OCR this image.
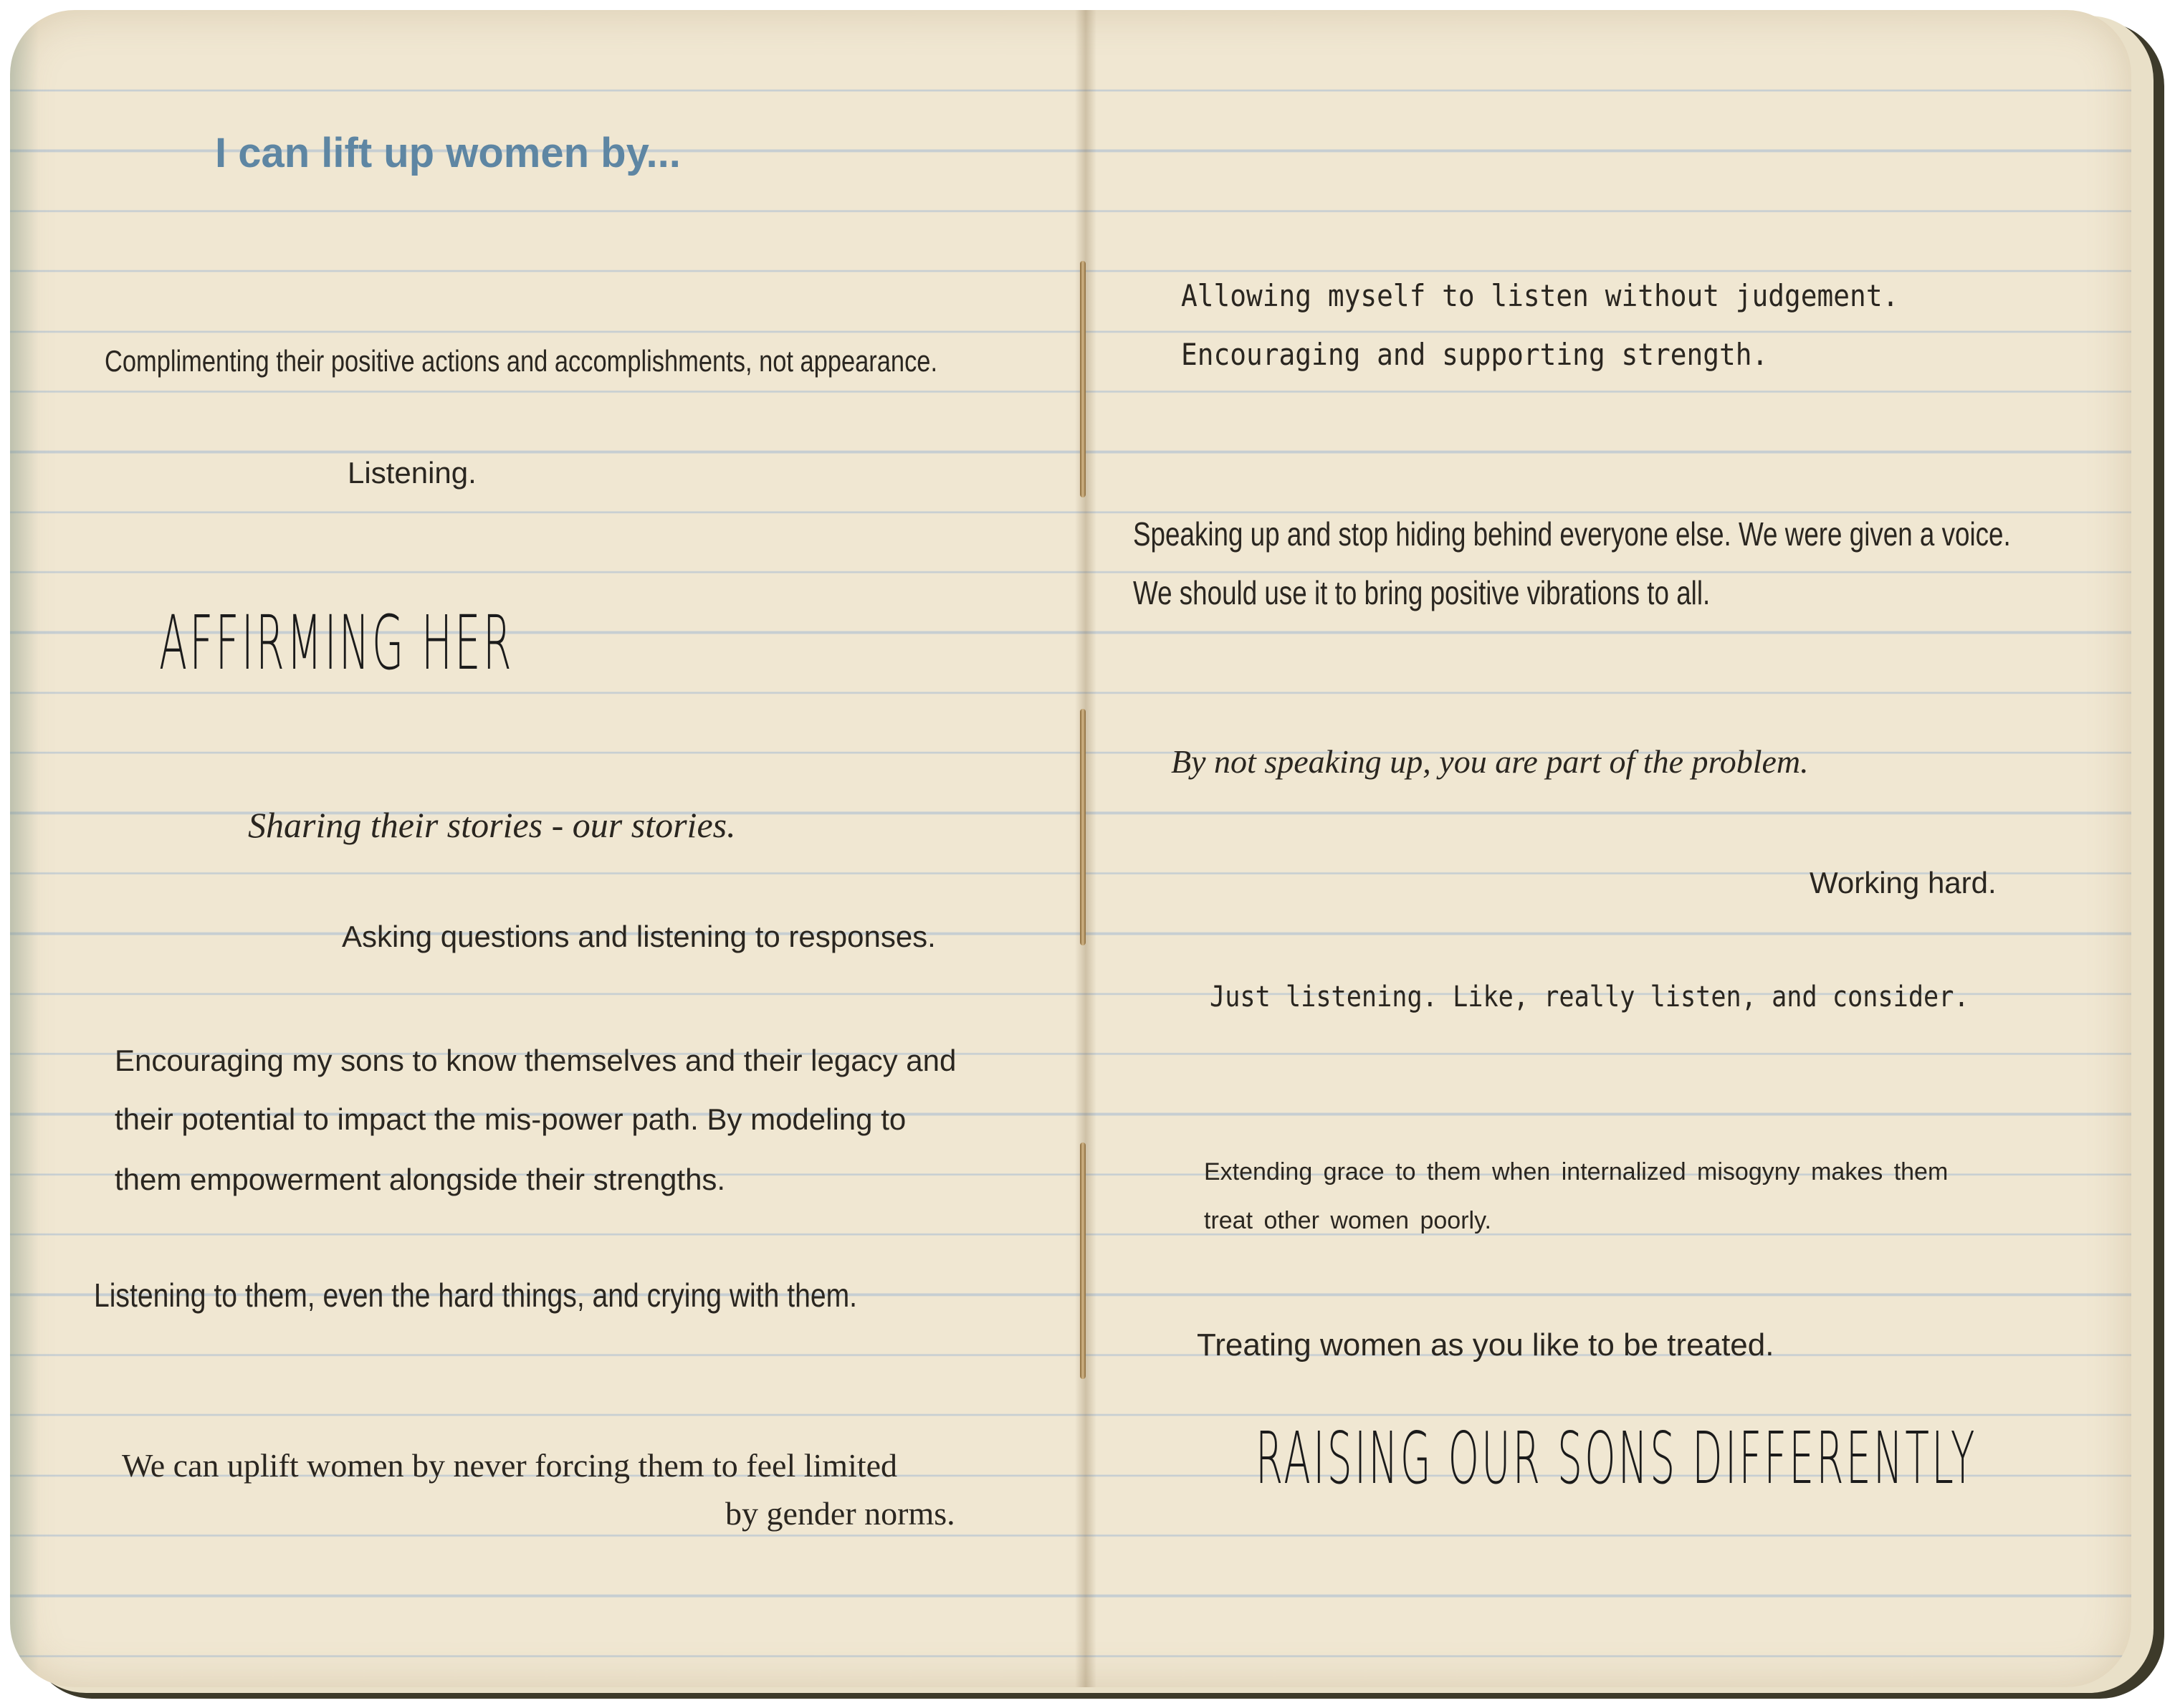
I can lift up women by...

Complimenting their positive actions and accomplishments, not appearance.

Listening.

AFFIRMING HER

Sharing their stories - our stories.

Asking questions and listening to responses.

Encouraging my sons to know themselves and their legacy and

their potential to impact the mis-power path. By modeling to

them empowerment alongside their strengths.

Listening to them, even the hard things, and crying with them.

We can uplift women by never forcing them to feel limited

by gender norms.

Allowing myself to listen without judgement.

Encouraging and supporting strength.

Speaking up and stop hiding behind everyone else. We were given a voice.

We should use it to bring positive vibrations to all.

By not speaking up, you are part of the problem.

Working hard.

Just listening. Like, really listen, and consider.

Extending grace to them when internalized misogyny makes them

treat other women poorly.

Treating women as you like to be treated.

RAISING OUR SONS DIFFERENTLY
